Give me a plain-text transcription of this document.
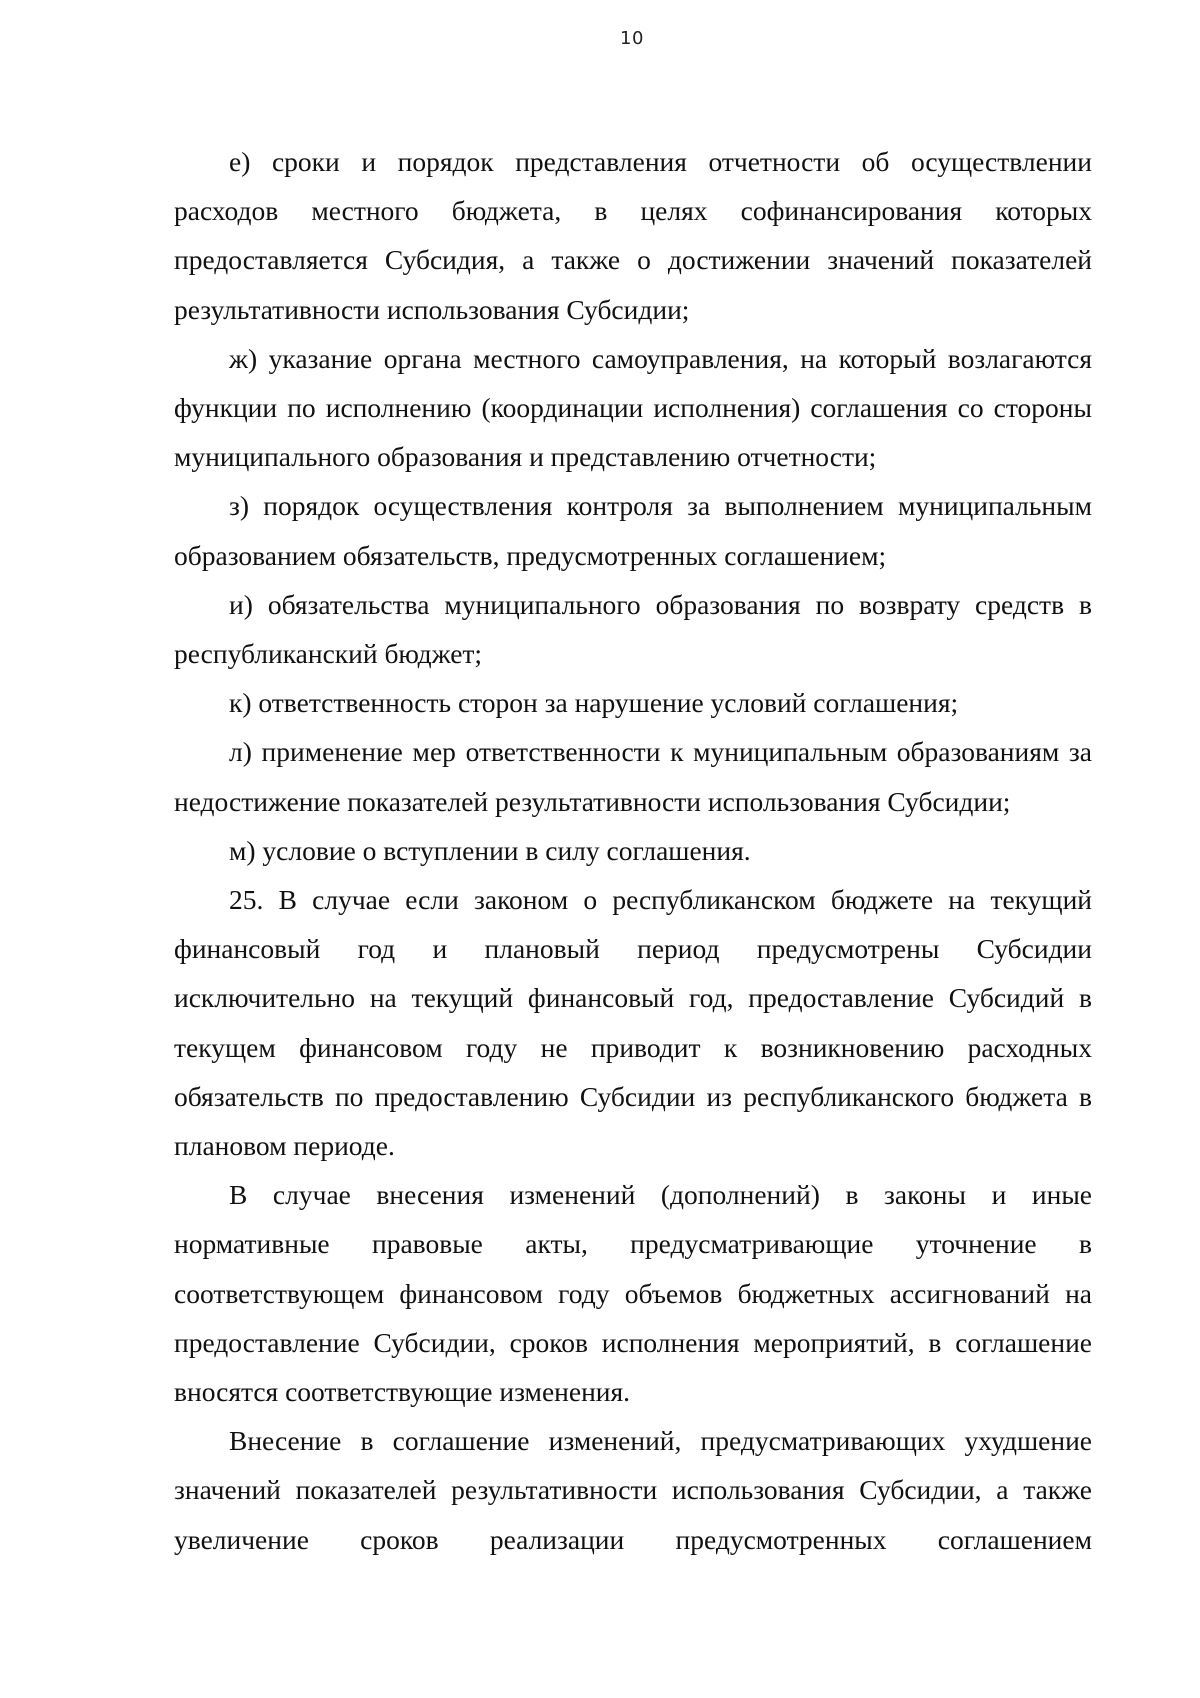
10

е) сроки и порядок представления отчетности об осуществлении расходов местного бюджета, в целях софинансирования которых предоставляется Субсидия, а также о достижении значений показателей результативности использования Субсидии;

ж) указание органа местного самоуправления, на который возлагаются функции по исполнению (координации исполнения) соглашения со стороны муниципального образования и представлению отчетности;

з) порядок осуществления контроля за выполнением муниципальным образованием обязательств, предусмотренных соглашением;

и) обязательства муниципального образования по возврату средств в республиканский бюджет;

к) ответственность сторон за нарушение условий соглашения;

л) применение мер ответственности к муниципальным образованиям за недостижение показателей результативности использования Субсидии;

м) условие о вступлении в силу соглашения.

25. В случае если законом о республиканском бюджете на текущий финансовый год и плановый период предусмотрены Субсидии исключительно на текущий финансовый год, предоставление Субсидий в текущем финансовом году не приводит к возникновению расходных обязательств по предоставлению Субсидии из республиканского бюджета в плановом периоде.

В случае внесения изменений (дополнений) в законы и иные нормативные правовые акты, предусматривающие уточнение в соответствующем финансовом году объемов бюджетных ассигнований на предоставление Субсидии, сроков исполнения мероприятий, в соглашение вносятся соответствующие изменения.

Внесение в соглашение изменений, предусматривающих ухудшение значений показателей результативности использования Субсидии, а также увеличение сроков реализации предусмотренных соглашением
